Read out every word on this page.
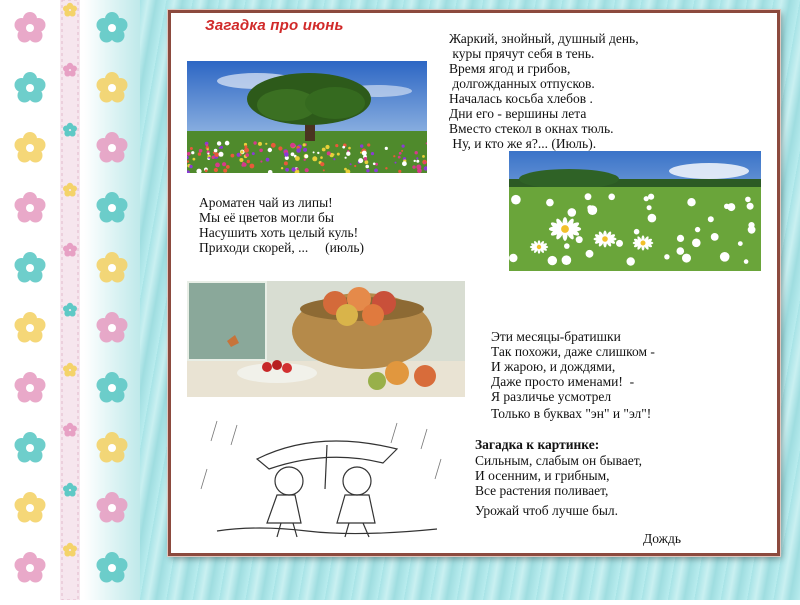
Загадка про июнь
Жаркий, знойный, душный день,
куры прячут себя в тень.
Время ягод и грибов,
долгожданных отпусков.
Началась косьба хлебов .
Дни его - вершины лета
Вместо стекол в окнах тюль.
Ну, и кто же я?... (Июль).
Ароматен чай из липы!
Мы её цветов могли бы
Насушить хоть целый куль!
Приходи скорей, ...     (июль)
Эти месяцы-братишки
Так похожи, даже слишком -
И жарою, и дождями,
Даже просто именами!  -
Я различье усмотрел
Только в буквах "эн" и "эл"!
Загадка к картинке:
Сильным, слабым он бывает,
И осенним, и грибным,
Все растения поливает,
Урожай чтоб лучше был.
Дождь
